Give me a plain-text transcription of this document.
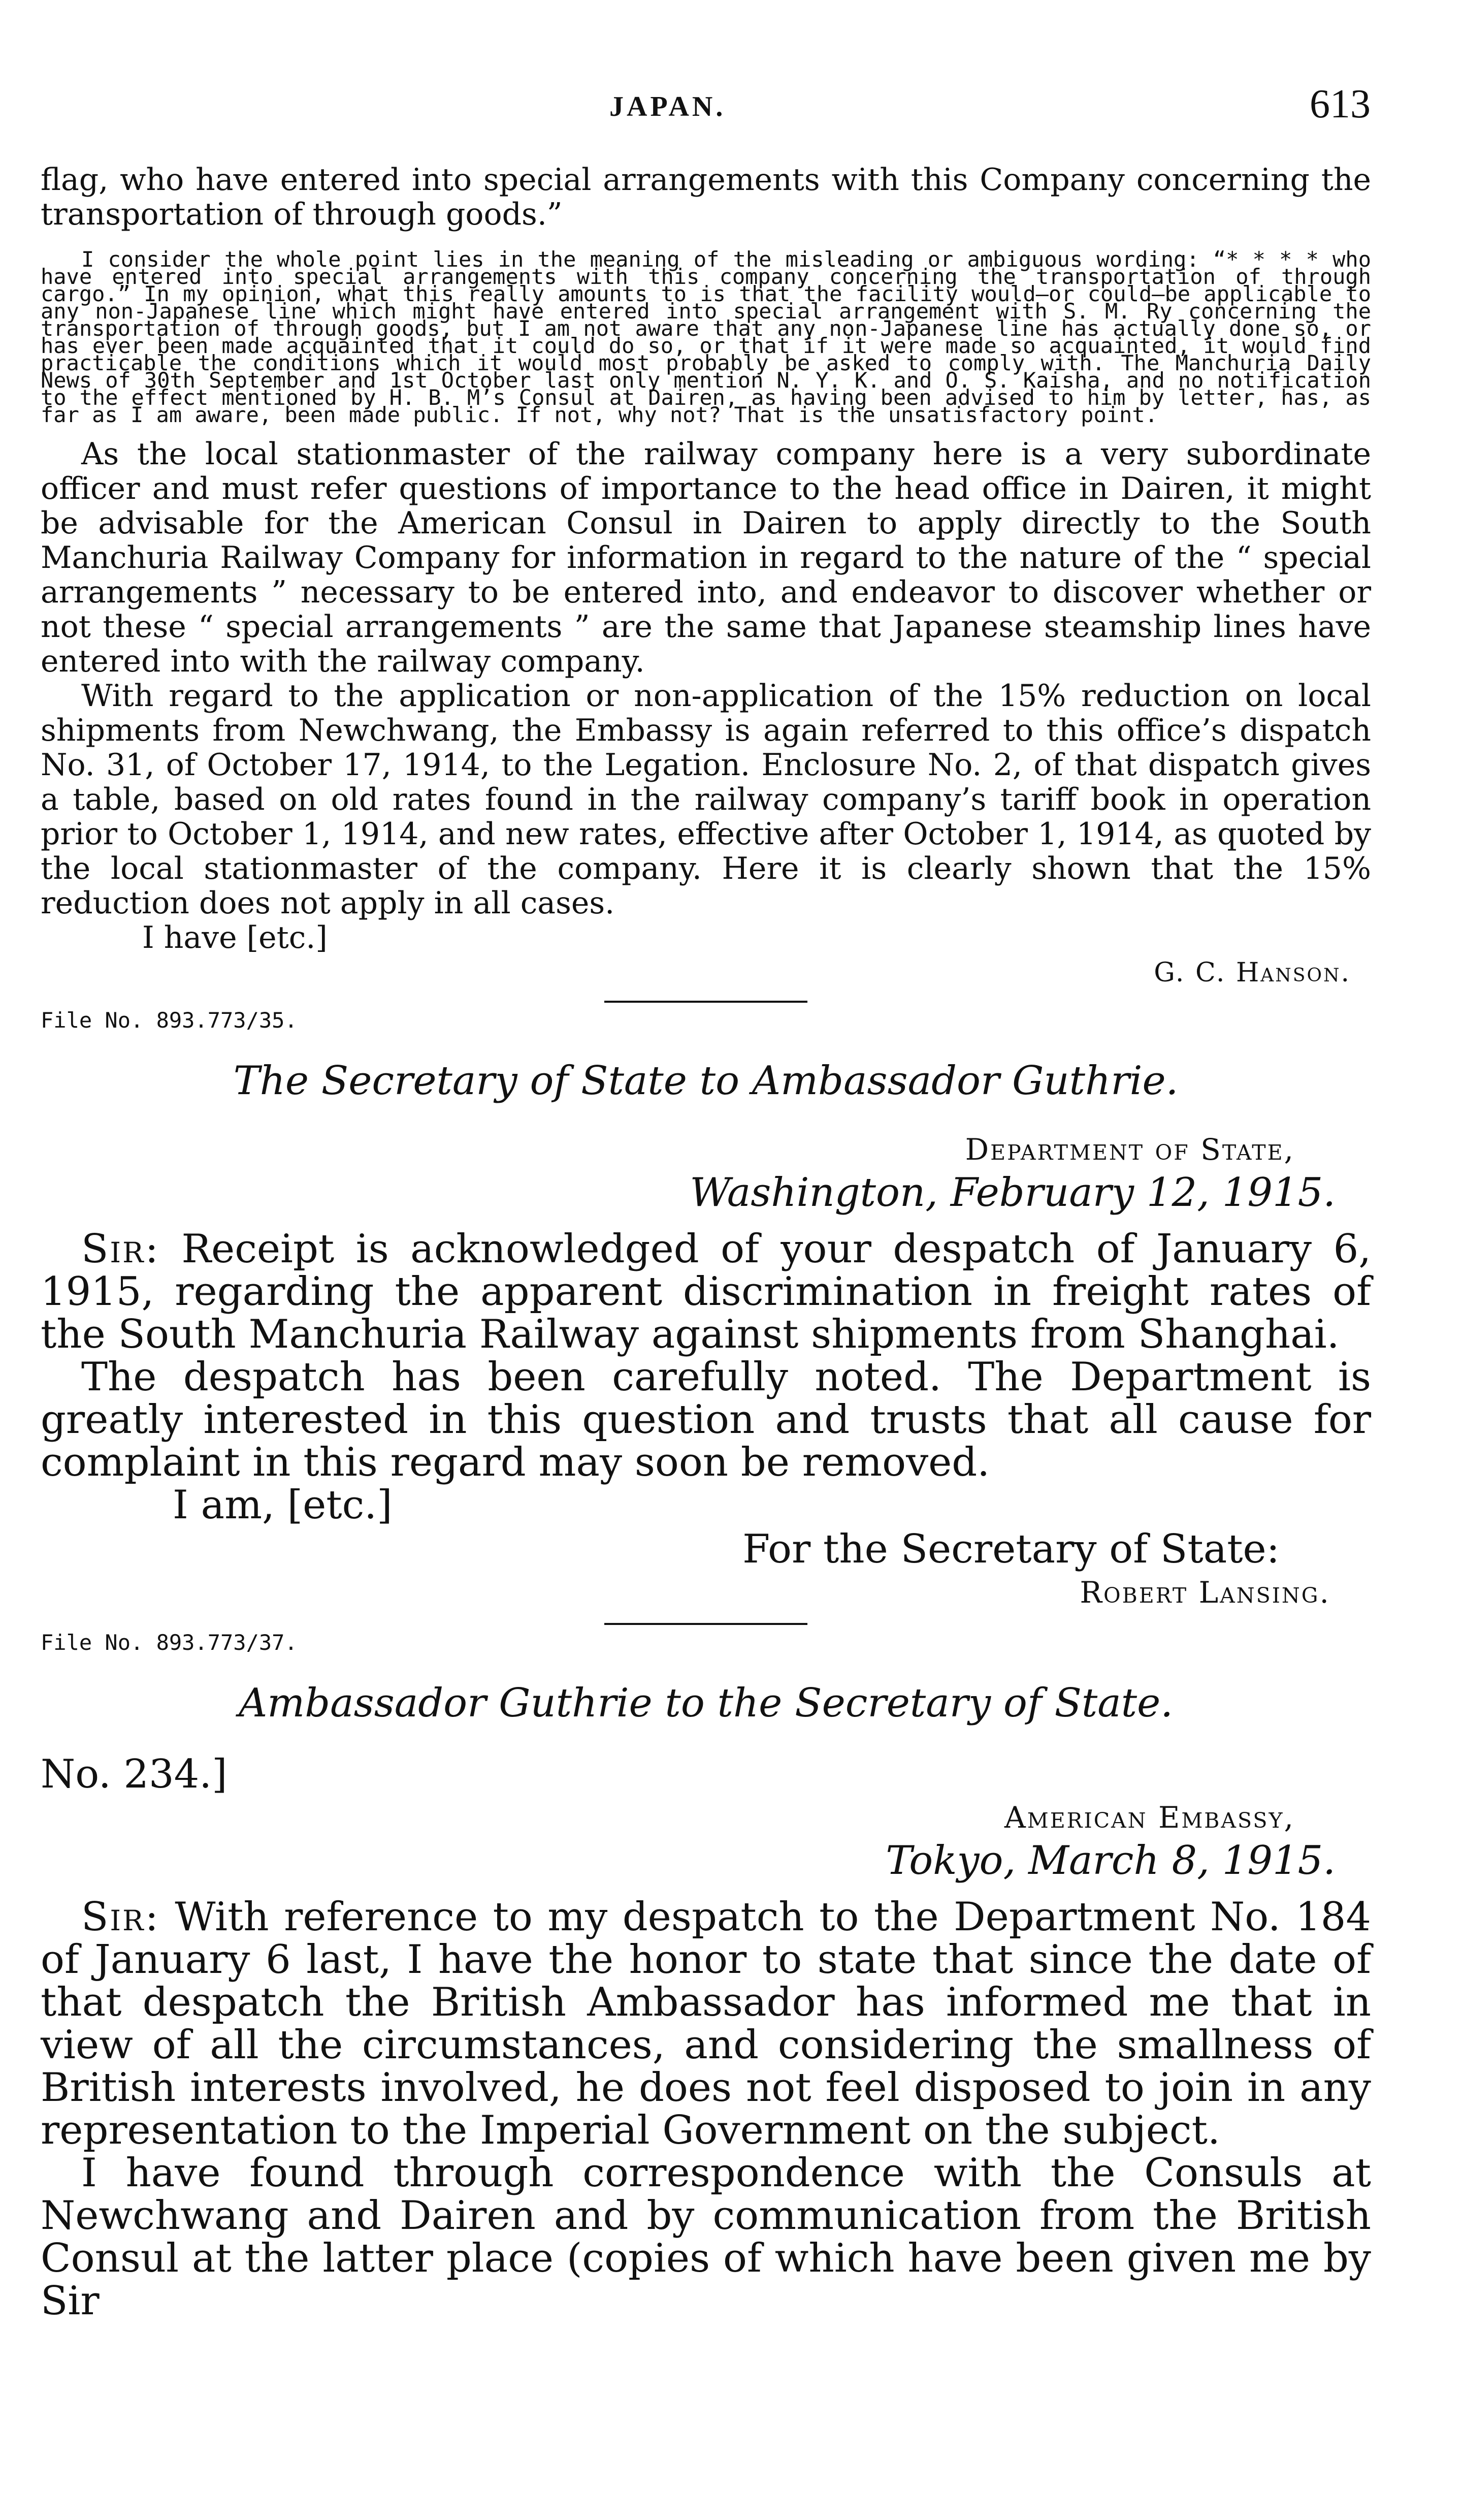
JAPAN.	613

flag, who have entered into special arrangements with this Company concerning the transportation of through goods.”

I consider the whole point lies in the meaning of the misleading or ambiguous wording: “* * * * who have entered into special arrangements with this company concerning the transportation of through cargo.” In my opinion, what this really amounts to is that the facility would—or could—be applicable to any non-Japanese line which might have entered into special arrangement with S. M. Ry concerning the transportation of through goods, but I am not aware that any non-Japanese line has actually done so, or has ever been made acquainted that it could do so, or that if it were made so acquainted, it would find practicable the conditions which it would most probably be asked to comply with. The Manchuria Daily News of 30th September and 1st October last only mention N. Y. K. and O. S. Kaisha, and no notification to the effect mentioned by H. B. M’s Consul at Dairen, as having been advised to him by letter, has, as far as I am aware, been made public. If not, why not? That is the unsatisfactory point.

As the local stationmaster of the railway company here is a very subordinate officer and must refer questions of importance to the head office in Dairen, it might be advisable for the American Consul in Dairen to apply directly to the South Manchuria Railway Company for information in regard to the nature of the “ special arrangements ” necessary to be entered into, and endeavor to discover whether or not these “ special arrangements ” are the same that Japanese steamship lines have entered into with the railway company.

With regard to the application or non-application of the 15% reduction on local shipments from Newchwang, the Embassy is again referred to this office’s dispatch No. 31, of October 17, 1914, to the Legation. Enclosure No. 2, of that dispatch gives a table, based on old rates found in the railway company’s tariff book in operation prior to October 1, 1914, and new rates, effective after October 1, 1914, as quoted by the local stationmaster of the company. Here it is clearly shown that the 15% reduction does not apply in all cases.

I have [etc.]

G. C. Hanson.

File No. 893.773/35.

The Secretary of State to Ambassador Guthrie.

Department of State,

Washington, February 12, 1915.

Sir: Receipt is acknowledged of your despatch of January 6, 1915, regarding the apparent discrimination in freight rates of the South Manchuria Railway against shipments from Shanghai.

The despatch has been carefully noted. The Department is greatly interested in this question and trusts that all cause for complaint in this regard may soon be removed.

I am, [etc.]

For the Secretary of State:

Robert Lansing.

File No. 893.773/37.

Ambassador Guthrie to the Secretary of State.

No. 234.]

American Embassy,

Tokyo, March 8, 1915.

Sir: With reference to my despatch to the Department No. 184 of January 6 last, I have the honor to state that since the date of that despatch the British Ambassador has informed me that in view of all the circumstances, and considering the smallness of British interests involved, he does not feel disposed to join in any representation to the Imperial Government on the subject.

I have found through correspondence with the Consuls at Newchwang and Dairen and by communication from the British Consul at the latter place (copies of which have been given me by Sir
